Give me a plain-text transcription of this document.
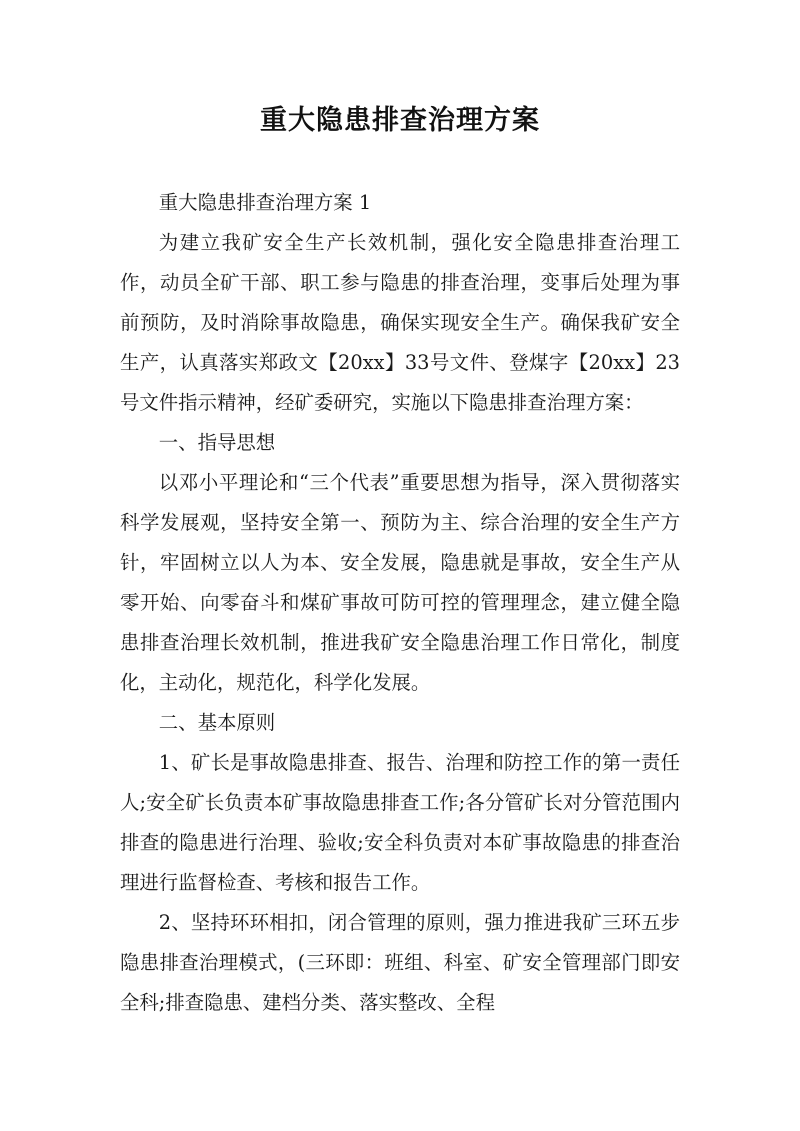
重大隐患排查治理方案

重大隐患排查治理方案 1

为建立我矿安全生产长效机制，强化安全隐患排查治理工作，动员全矿干部、职工参与隐患的排查治理，变事后处理为事前预防，及时消除事故隐患，确保实现安全生产。确保我矿安全生产，认真落实郑政文【20xx】33号文件、登煤字【20xx】23号文件指示精神，经矿委研究，实施以下隐患排查治理方案：

一、指导思想

以邓小平理论和“三个代表”重要思想为指导，深入贯彻落实科学发展观，坚持安全第一、预防为主、综合治理的安全生产方针，牢固树立以人为本、安全发展，隐患就是事故，安全生产从零开始、向零奋斗和煤矿事故可防可控的管理理念，建立健全隐患排查治理长效机制，推进我矿安全隐患治理工作日常化，制度化，主动化，规范化，科学化发展。

二、基本原则

1、矿长是事故隐患排查、报告、治理和防控工作的第一责任人;安全矿长负责本矿事故隐患排查工作;各分管矿长对分管范围内排查的隐患进行治理、验收;安全科负责对本矿事故隐患的排查治理进行监督检查、考核和报告工作。

2、坚持环环相扣，闭合管理的原则，强力推进我矿三环五步隐患排查治理模式，(三环即：班组、科室、矿安全管理部门即安全科;排查隐患、建档分类、落实整改、全程
